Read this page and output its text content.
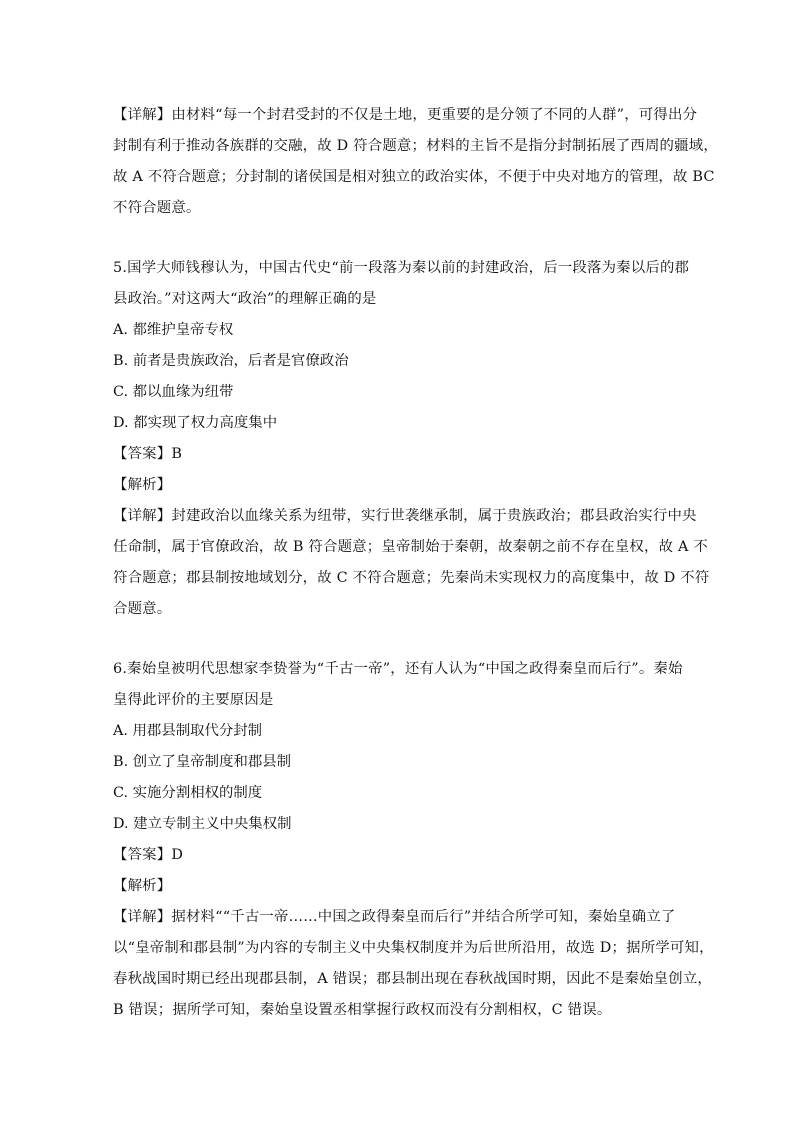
【详解】由材料“每一个封君受封的不仅是土地，更重要的是分领了不同的人群”，可得出分
封制有利于推动各族群的交融，故 D 符合题意；材料的主旨不是指分封制拓展了西周的疆域，
故 A 不符合题意；分封制的诸侯国是相对独立的政治实体，不便于中央对地方的管理，故 BC
不符合题意。
5.国学大师钱穆认为，中国古代史“前一段落为秦以前的封建政治，后一段落为秦以后的郡
县政治。”对这两大“政治”的理解正确的是
A. 都维护皇帝专权
B. 前者是贵族政治，后者是官僚政治
C. 都以血缘为纽带
D. 都实现了权力高度集中
【答案】B
【解析】
【详解】封建政治以血缘关系为纽带，实行世袭继承制，属于贵族政治；郡县政治实行中央
任命制，属于官僚政治，故 B 符合题意；皇帝制始于秦朝，故秦朝之前不存在皇权，故 A 不
符合题意；郡县制按地域划分，故 C 不符合题意；先秦尚未实现权力的高度集中，故 D 不符
合题意。
6.秦始皇被明代思想家李贽誉为“千古一帝”，还有人认为“中国之政得秦皇而后行”。秦始
皇得此评价的主要原因是
A. 用郡县制取代分封制
B. 创立了皇帝制度和郡县制
C. 实施分割相权的制度
D. 建立专制主义中央集权制
【答案】D
【解析】
【详解】据材料““千古一帝……中国之政得秦皇而后行”并结合所学可知，秦始皇确立了
以“皇帝制和郡县制”为内容的专制主义中央集权制度并为后世所沿用，故选 D；据所学可知，
春秋战国时期已经出现郡县制，A 错误；郡县制出现在春秋战国时期，因此不是秦始皇创立，
B 错误；据所学可知，秦始皇设置丞相掌握行政权而没有分割相权，C 错误。
